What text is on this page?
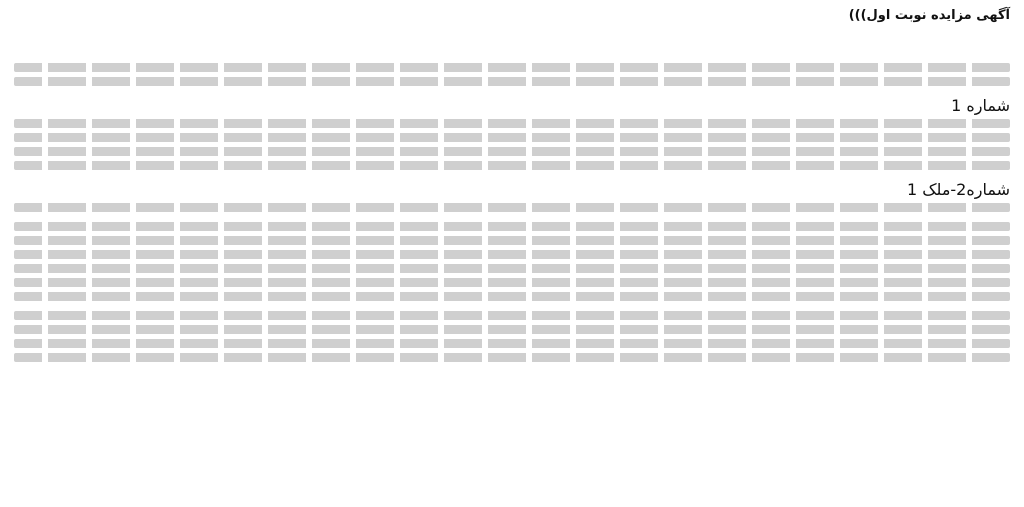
آگهی مزایده نوبت اول)))
شماره 1
شماره2-ملک 1
